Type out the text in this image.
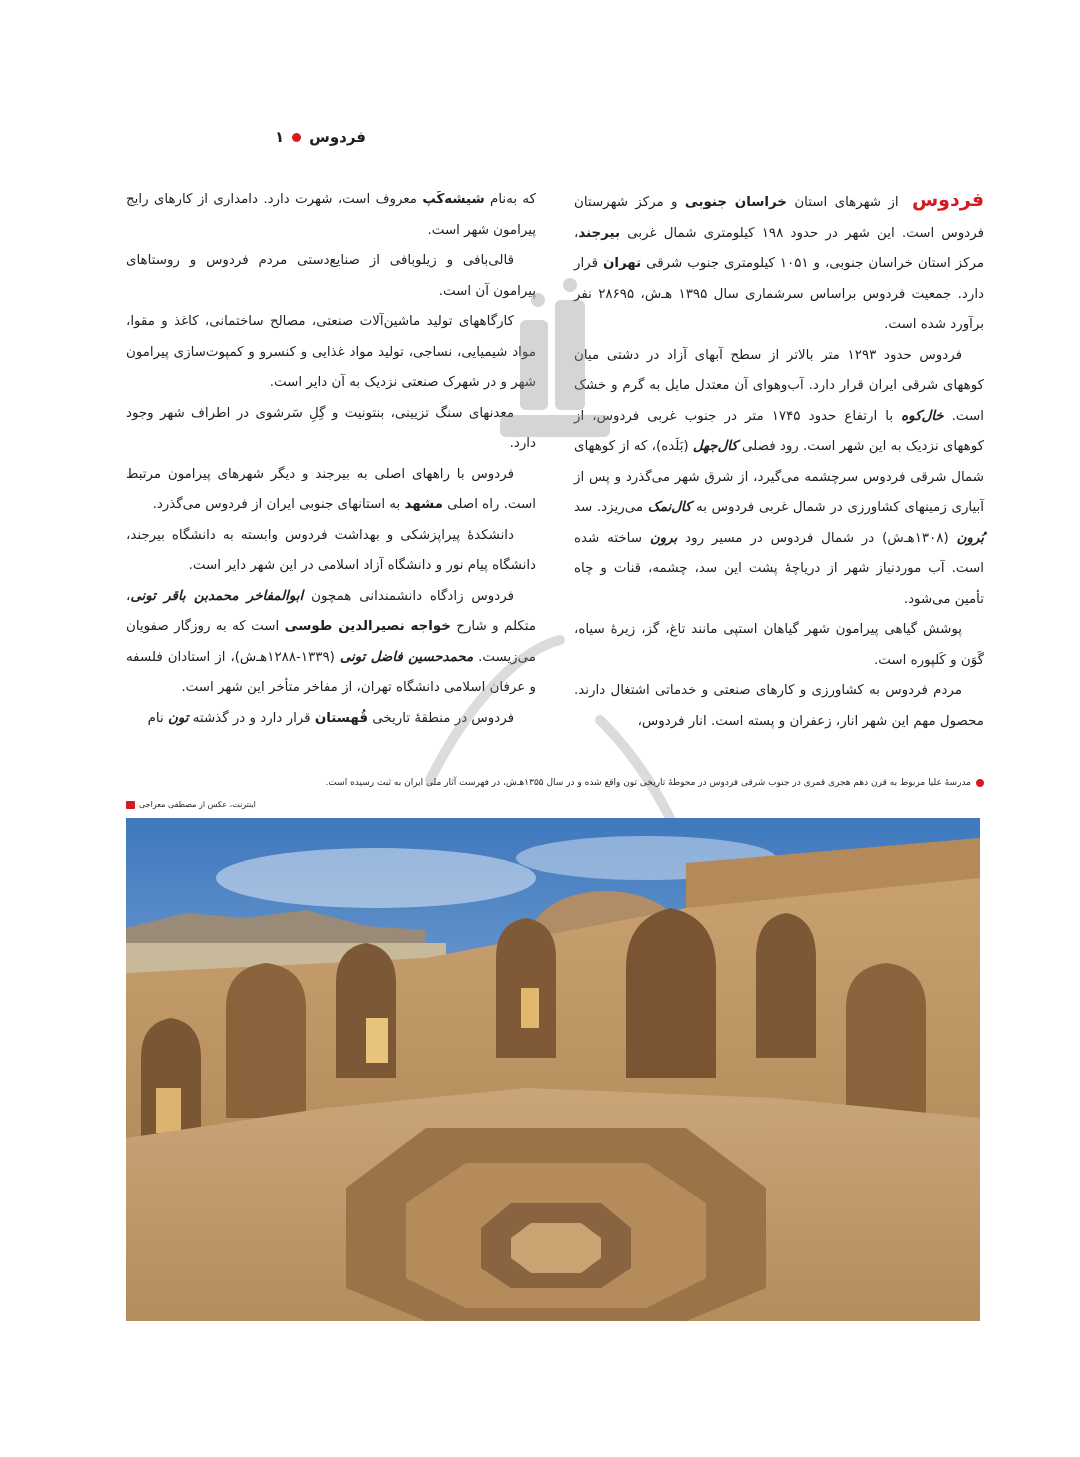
فردوس
۱

فردوس از شهرهای استان خراسان جنوبی و مرکز شهرستان فردوس است. این شهر در حدود ۱۹۸ کیلومتری شمال غربی بیرجند، مرکز استان خراسان جنوبی، و ۱۰۵۱ کیلومتری جنوب شرقی تهران قرار دارد. جمعیت فردوس براساس سرشماری سال ۱۳۹۵ هـ‌ش، ۲۸۶۹۵ نفر برآورد شده است.

فردوس حدود ۱۲۹۳ متر بالاتر از سطح آبهای آزاد در دشتی میان کوههای شرقی ایران قرار دارد. آب‌وهوای آن معتدل مایل به گرم و خشک است. خال‌کوه با ارتفاع حدود ۱۷۴۵ متر در جنوب غربی فردوس، از کوههای نزدیک به این شهر است. رود فصلی کال‌جهل (بَلَده)، که از کوههای شمال شرقی فردوس سرچشمه می‌گیرد، از شرق شهر می‌گذرد و پس از آبیاری زمینهای کشاورزی در شمال غربی فردوس به کال‌نمک می‌ریزد. سد بُرون (۱۳۰۸هـ‌ش) در شمال فردوس در مسیر رود برون ساخته شده است. آب موردنیاز شهر از دریاچهٔ پشت این سد، چشمه، قنات و چاه تأمین می‌شود.

پوشش گیاهی پیرامون شهر گیاهان استپی مانند تاغ، گز، زیرهٔ سیاه، گَوَن و کَلپوره است.

مردم فردوس به کشاورزی و کارهای صنعتی و خدماتی اشتغال دارند. محصول مهم این شهر انار، زعفران و پسته است. انار فردوس،

که به‌نام شیشه‌کَپ معروف است، شهرت دارد. دامداری از کارهای رایج پیرامون شهر است.

قالی‌بافی و زیلوبافی از صنایع‌دستی مردم فردوس و روستاهای پیرامون آن است.

کارگاههای تولید ماشین‌آلات صنعتی، مصالح ساختمانی، کاغذ و مقوا، مواد شیمیایی، نساجی، تولید مواد غذایی و کنسرو و کمپوت‌سازی پیرامون شهر و در شهرک صنعتی نزدیک به آن دایر است.

معدنهای سنگ تزیینی، بنتونیت و گِلِ سَرشوی در اطراف شهر وجود دارد.

فردوس با راههای اصلی به بیرجند و دیگر شهرهای پیرامون مرتبط است. راه اصلی مشهد به استانهای جنوبی ایران از فردوس می‌گذرد.

دانشکدهٔ پیراپزشکی و بهداشت فردوس وابسته به دانشگاه بیرجند، دانشگاه پیام نور و دانشگاه آزاد اسلامی در این شهر دایر است.

فردوس زادگاه دانشمندانی همچون ابوالمفاخر محمدبن باقر تونی، متکلم و شارح خواجه نصیرالدین طوسی است که به روزگار صفویان می‌زیست. محمدحسین فاضل تونی (۱۳۳۹-۱۲۸۸هـ‌ش)، از استادان فلسفه و عرفان اسلامی دانشگاه تهران، از مفاخر متأخر این شهر است.

فردوس در منطقهٔ تاریخی قُهستان قرار دارد و در گذشته تون نام

مدرسهٔ علیا مربوط به قرن دهم هجری قمری در جنوب شرقی فردوس در محوطهٔ تاریخی تون واقع شده و در سال ۱۳۵۵هـ‌ش، در فهرست آثار ملی ایران به ثبت رسیده است.
اینترنت، عکس از مصطفی معراجی
